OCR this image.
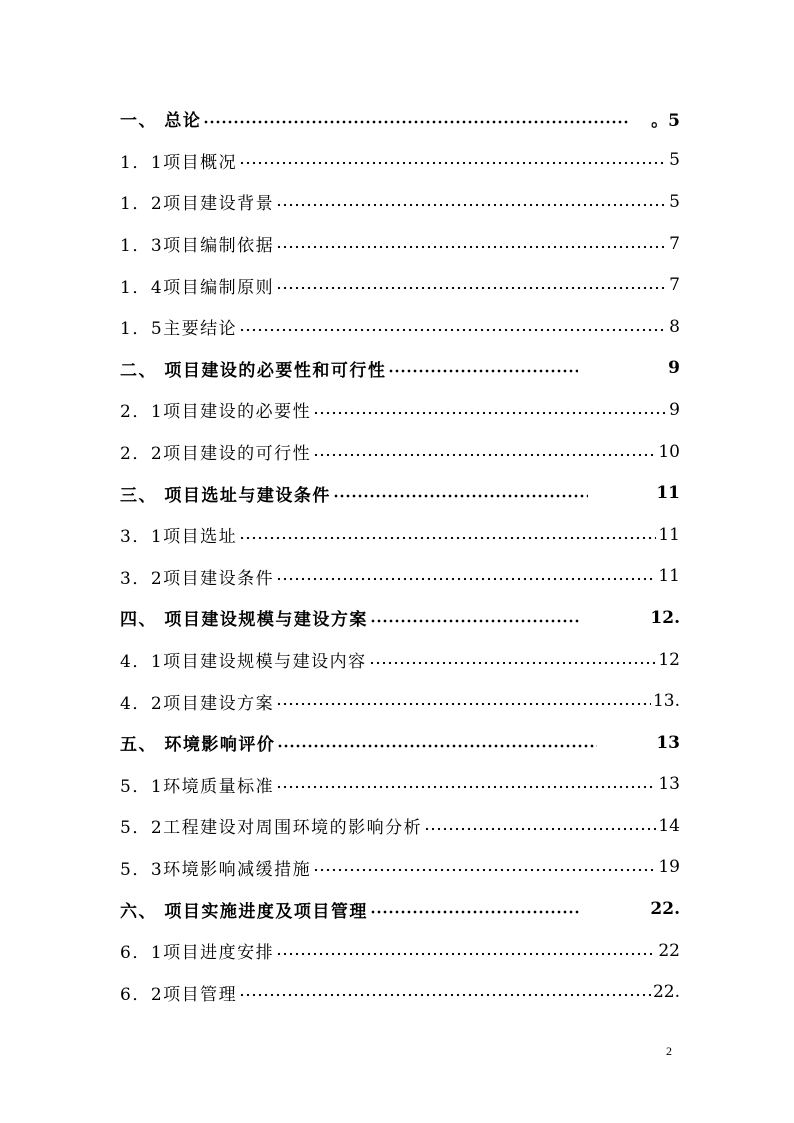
一、 总论	。5
1．1项目概况	5
1．2项目建设背景	5
1．3项目编制依据	7
1．4项目编制原则	7
1．5主要结论	8
二、 项目建设的必要性和可行性	9
2．1项目建设的必要性	9
2．2项目建设的可行性	10
三、 项目选址与建设条件	11
3．1项目选址	11
3．2项目建设条件	11
四、 项目建设规模与建设方案	12.
4．1项目建设规模与建设内容	12
4．2项目建设方案	13.
五、 环境影响评价	13
5．1环境质量标准	13
5．2工程建设对周围环境的影响分析	14
5．3环境影响减缓措施	19
六、 项目实施进度及项目管理	22.
6．1项目进度安排	22
6．2项目管理	22.
2
